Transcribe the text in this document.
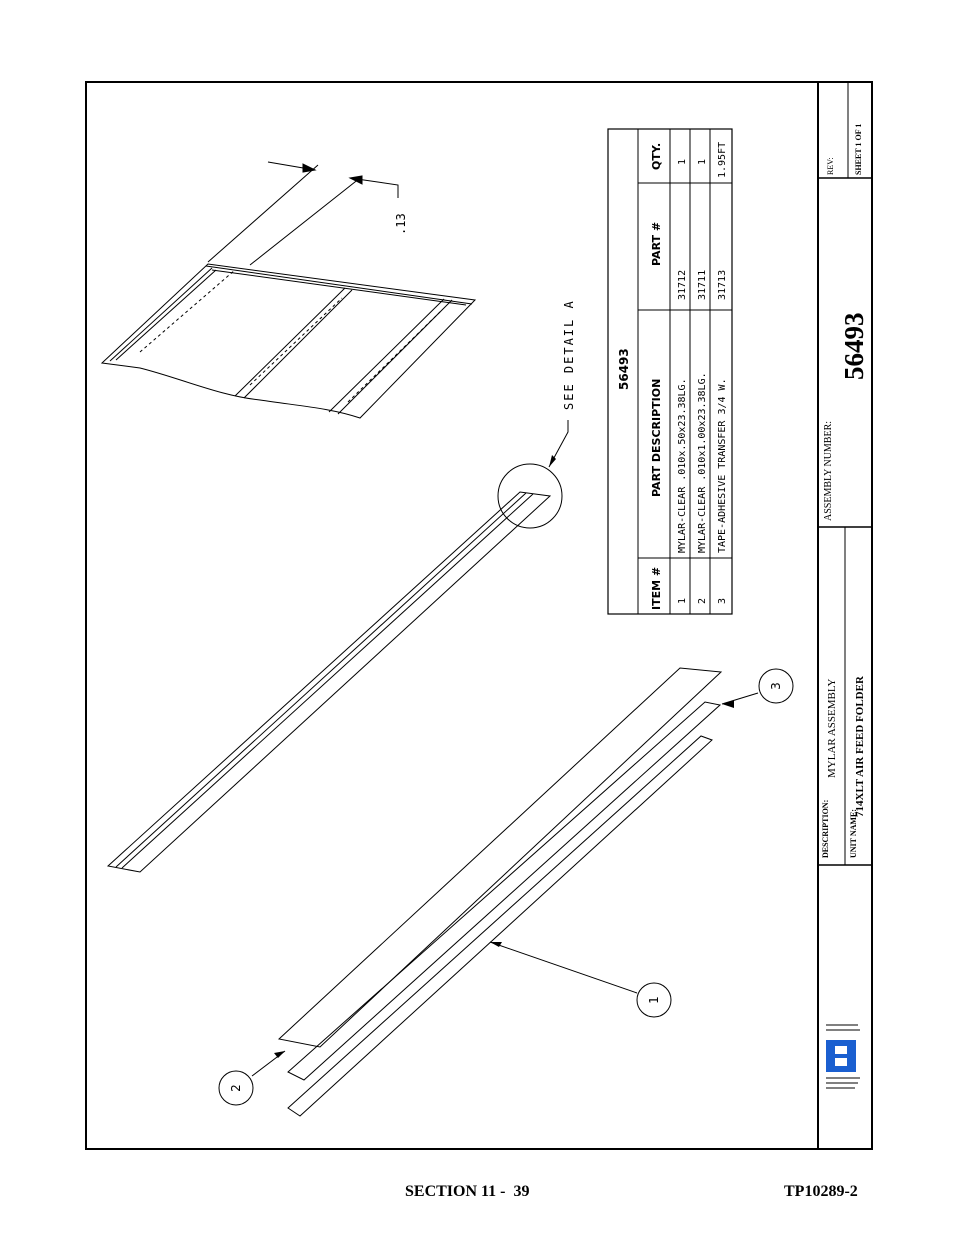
DESCRIPTION:
MYLAR ASSEMBLY
UNIT NAME:
714XLT AIR FEED FOLDER
ASSEMBLY NUMBER:
56493
REV: SHEET 1 OF 1
56493
ITEM #
PART DESCRIPTION
PART #
QTY.
1
MYLAR-CLEAR .010x.50x23.38LG.
31712
1
2
MYLAR-CLEAR .010x1.00x23.38LG.
31711
1
3
TAPE-ADHESIVE TRANSFER 3/4 W.
31713
1.95FT
SEE DETAIL A
.13
1
2
3
SECTION 11 -  39	TP10289-2
